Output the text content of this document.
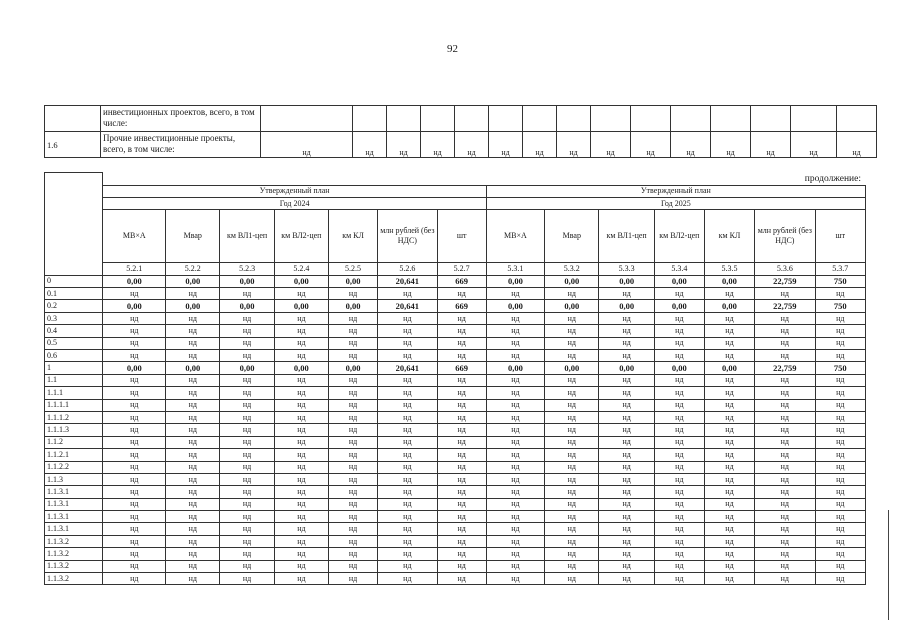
92
	инвестиционных проектов, всего, в том числе:																
1.6	Прочие инвестиционные проекты, всего, в том числе:	нд	нд	нд	нд	нд	нд	нд	нд	нд	нд	нд	нд	нд	нд	нд	
продолжение:

	Утвержденный план							Утвержденный план						
	Год 2024							Год 2025						
	МВ×А	Мвар	км ВЛ1-цеп	км ВЛ2-цеп	км КЛ	млн рублей (без НДС)	шт	МВ×А	Мвар	км ВЛ1-цеп	км ВЛ2-цеп	км КЛ	млн рублей (без НДС)	шт
	5.2.1	5.2.2	5.2.3	5.2.4	5.2.5	5.2.6	5.2.7	5.3.1	5.3.2	5.3.3	5.3.4	5.3.5	5.3.6	5.3.7
0	0,00	0,00	0,00	0,00	0,00	20,641	669	0,00	0,00	0,00	0,00	0,00	22,759	750
0.1	нд	нд	нд	нд	нд	нд	нд	нд	нд	нд	нд	нд	нд	нд
0.2	0,00	0,00	0,00	0,00	0,00	20,641	669	0,00	0,00	0,00	0,00	0,00	22,759	750
0.3	нд	нд	нд	нд	нд	нд	нд	нд	нд	нд	нд	нд	нд	нд
0.4	нд	нд	нд	нд	нд	нд	нд	нд	нд	нд	нд	нд	нд	нд
0.5	нд	нд	нд	нд	нд	нд	нд	нд	нд	нд	нд	нд	нд	нд
0.6	нд	нд	нд	нд	нд	нд	нд	нд	нд	нд	нд	нд	нд	нд
1	0,00	0,00	0,00	0,00	0,00	20,641	669	0,00	0,00	0,00	0,00	0,00	22,759	750
1.1	нд	нд	нд	нд	нд	нд	нд	нд	нд	нд	нд	нд	нд	нд
1.1.1	нд	нд	нд	нд	нд	нд	нд	нд	нд	нд	нд	нд	нд	нд
1.1.1.1	нд	нд	нд	нд	нд	нд	нд	нд	нд	нд	нд	нд	нд	нд
1.1.1.2	нд	нд	нд	нд	нд	нд	нд	нд	нд	нд	нд	нд	нд	нд
1.1.1.3	нд	нд	нд	нд	нд	нд	нд	нд	нд	нд	нд	нд	нд	нд
1.1.2	нд	нд	нд	нд	нд	нд	нд	нд	нд	нд	нд	нд	нд	нд
1.1.2.1	нд	нд	нд	нд	нд	нд	нд	нд	нд	нд	нд	нд	нд	нд
1.1.2.2	нд	нд	нд	нд	нд	нд	нд	нд	нд	нд	нд	нд	нд	нд
1.1.3	нд	нд	нд	нд	нд	нд	нд	нд	нд	нд	нд	нд	нд	нд
1.1.3.1	нд	нд	нд	нд	нд	нд	нд	нд	нд	нд	нд	нд	нд	нд
1.1.3.1	нд	нд	нд	нд	нд	нд	нд	нд	нд	нд	нд	нд	нд	нд
1.1.3.1	нд	нд	нд	нд	нд	нд	нд	нд	нд	нд	нд	нд	нд	нд
1.1.3.1	нд	нд	нд	нд	нд	нд	нд	нд	нд	нд	нд	нд	нд	нд
1.1.3.2	нд	нд	нд	нд	нд	нд	нд	нд	нд	нд	нд	нд	нд	нд
1.1.3.2	нд	нд	нд	нд	нд	нд	нд	нд	нд	нд	нд	нд	нд	нд
1.1.3.2	нд	нд	нд	нд	нд	нд	нд	нд	нд	нд	нд	нд	нд	нд
1.1.3.2	нд	нд	нд	нд	нд	нд	нд	нд	нд	нд	нд	нд	нд	нд
